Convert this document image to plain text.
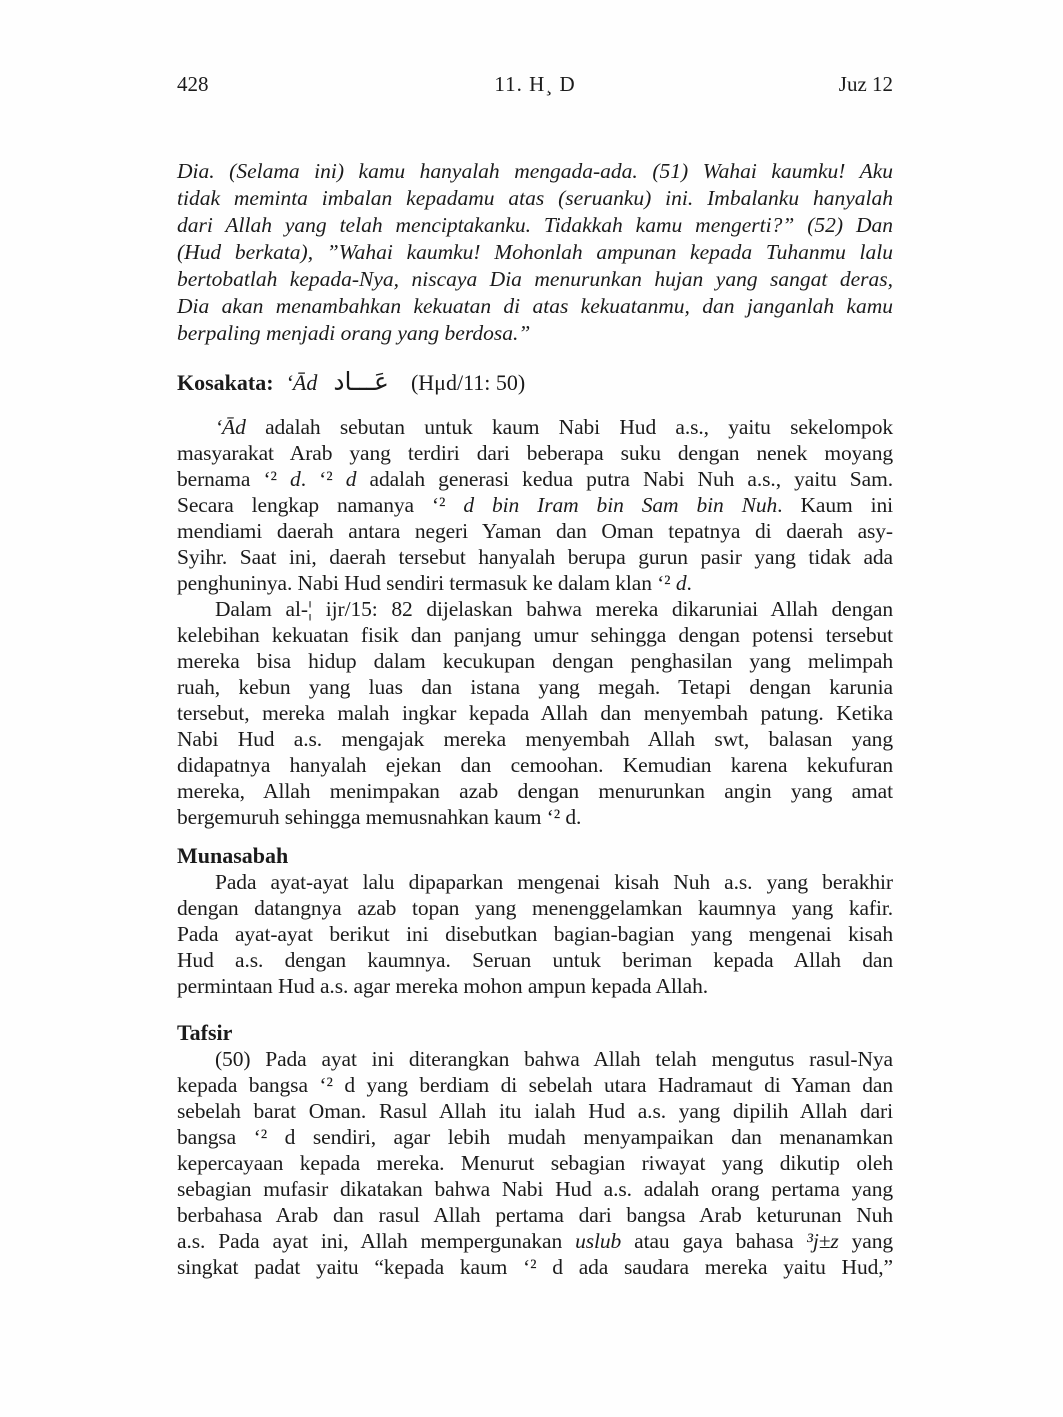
428	11. H¸ D	Juz 12
Dia. (Selama ini) kamu hanyalah mengada-ada. (51) Wahai kaumku! Aku
tidak meminta imbalan kepadamu atas (seruanku) ini. Imbalanku hanyalah
dari Allah yang telah menciptakanku. Tidakkah kamu mengerti?” (52) Dan
(Hud berkata), ”Wahai kaumku! Mohonlah ampunan kepada Tuhanmu lalu
bertobatlah kepada-Nya, niscaya Dia menurunkan hujan yang sangat deras,
Dia akan menambahkan kekuatan di atas kekuatanmu, dan janganlah kamu
berpaling menjadi orang yang berdosa.”
Kosakata: ‘Ād عَـــاد (Hμd/11: 50)
‘Ād adalah sebutan untuk kaum Nabi Hud a.s., yaitu sekelompok
masyarakat Arab yang terdiri dari beberapa suku dengan nenek moyang
bernama ‘² d. ‘² d adalah generasi kedua putra Nabi Nuh a.s., yaitu Sam.
Secara lengkap namanya ‘² d bin Iram bin Sam bin Nuh. Kaum ini
mendiami daerah antara negeri Yaman dan Oman tepatnya di daerah asy-
Syihr. Saat ini, daerah tersebut hanyalah berupa gurun pasir yang tidak ada
penghuninya. Nabi Hud sendiri termasuk ke dalam klan ‘² d.
Dalam al-¦ ijr/15: 82 dijelaskan bahwa mereka dikaruniai Allah dengan
kelebihan kekuatan fisik dan panjang umur sehingga dengan potensi tersebut
mereka bisa hidup dalam kecukupan dengan penghasilan yang melimpah
ruah, kebun yang luas dan istana yang megah. Tetapi dengan karunia
tersebut, mereka malah ingkar kepada Allah dan menyembah patung. Ketika
Nabi Hud a.s. mengajak mereka menyembah Allah swt, balasan yang
didapatnya hanyalah ejekan dan cemoohan. Kemudian karena kekufuran
mereka, Allah menimpakan azab dengan menurunkan angin yang amat
bergemuruh sehingga memusnahkan kaum ‘² d.
Munasabah
Pada ayat-ayat lalu dipaparkan mengenai kisah Nuh a.s. yang berakhir
dengan datangnya azab topan yang menenggelamkan kaumnya yang kafir.
Pada ayat-ayat berikut ini disebutkan bagian-bagian yang mengenai kisah
Hud a.s. dengan kaumnya. Seruan untuk beriman kepada Allah dan
permintaan Hud a.s. agar mereka mohon ampun kepada Allah.
Tafsir
(50) Pada ayat ini diterangkan bahwa Allah telah mengutus rasul-Nya
kepada bangsa ‘² d yang berdiam di sebelah utara Hadramaut di Yaman dan
sebelah barat Oman. Rasul Allah itu ialah Hud a.s. yang dipilih Allah dari
bangsa ‘² d sendiri, agar lebih mudah menyampaikan dan menanamkan
kepercayaan kepada mereka. Menurut sebagian riwayat yang dikutip oleh
sebagian mufasir dikatakan bahwa Nabi Hud a.s. adalah orang pertama yang
berbahasa Arab dan rasul Allah pertama dari bangsa Arab keturunan Nuh
a.s. Pada ayat ini, Allah mempergunakan uslub atau gaya bahasa ³j±z yang
singkat padat yaitu “kepada kaum ‘² d ada saudara mereka yaitu Hud,”
